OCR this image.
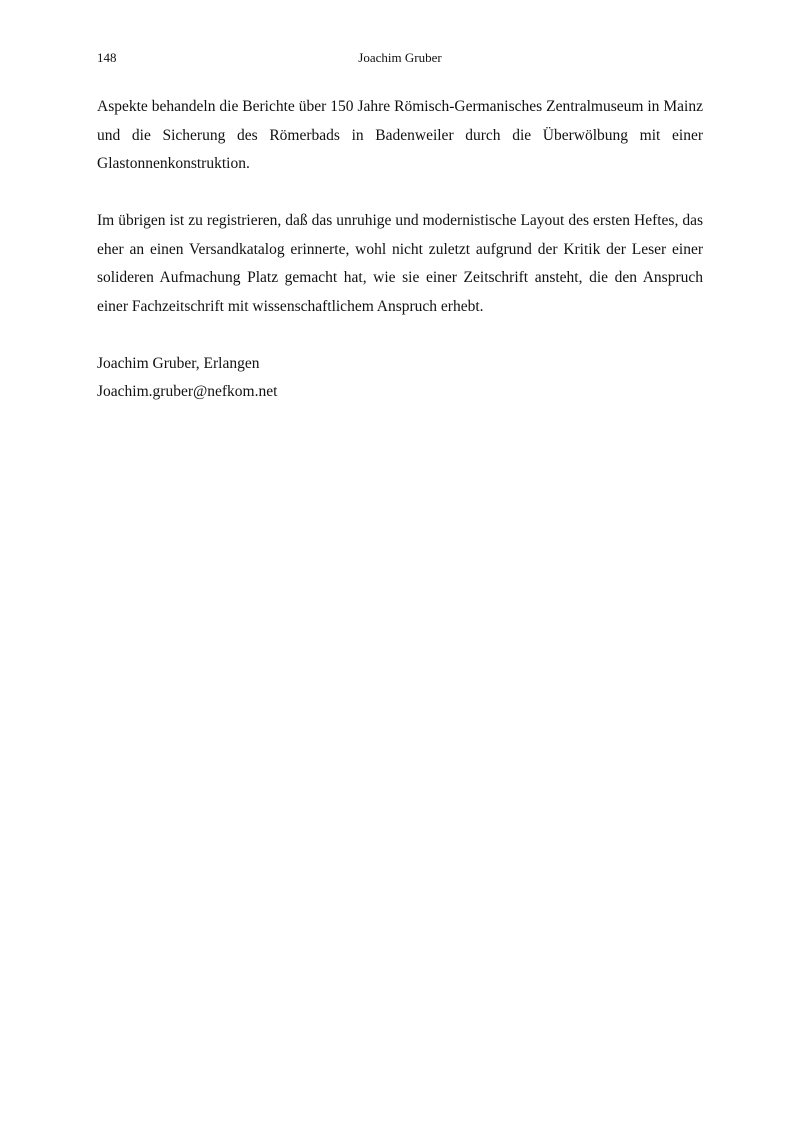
148	Joachim Gruber

Aspekte behandeln die Berichte über 150 Jahre Römisch-Germanisches Zentralmuseum in Mainz und die Sicherung des Römerbads in Badenweiler durch die Überwölbung mit einer Glastonnenkonstruktion.

Im übrigen ist zu registrieren, daß das unruhige und modernistische Layout des ersten Heftes, das eher an einen Versandkatalog erinnerte, wohl nicht zuletzt aufgrund der Kritik der Leser einer solideren Aufmachung Platz gemacht hat, wie sie einer Zeitschrift ansteht, die den Anspruch einer Fachzeitschrift mit wissenschaftlichem Anspruch erhebt.

Joachim Gruber, Erlangen
Joachim.gruber@nefkom.net
